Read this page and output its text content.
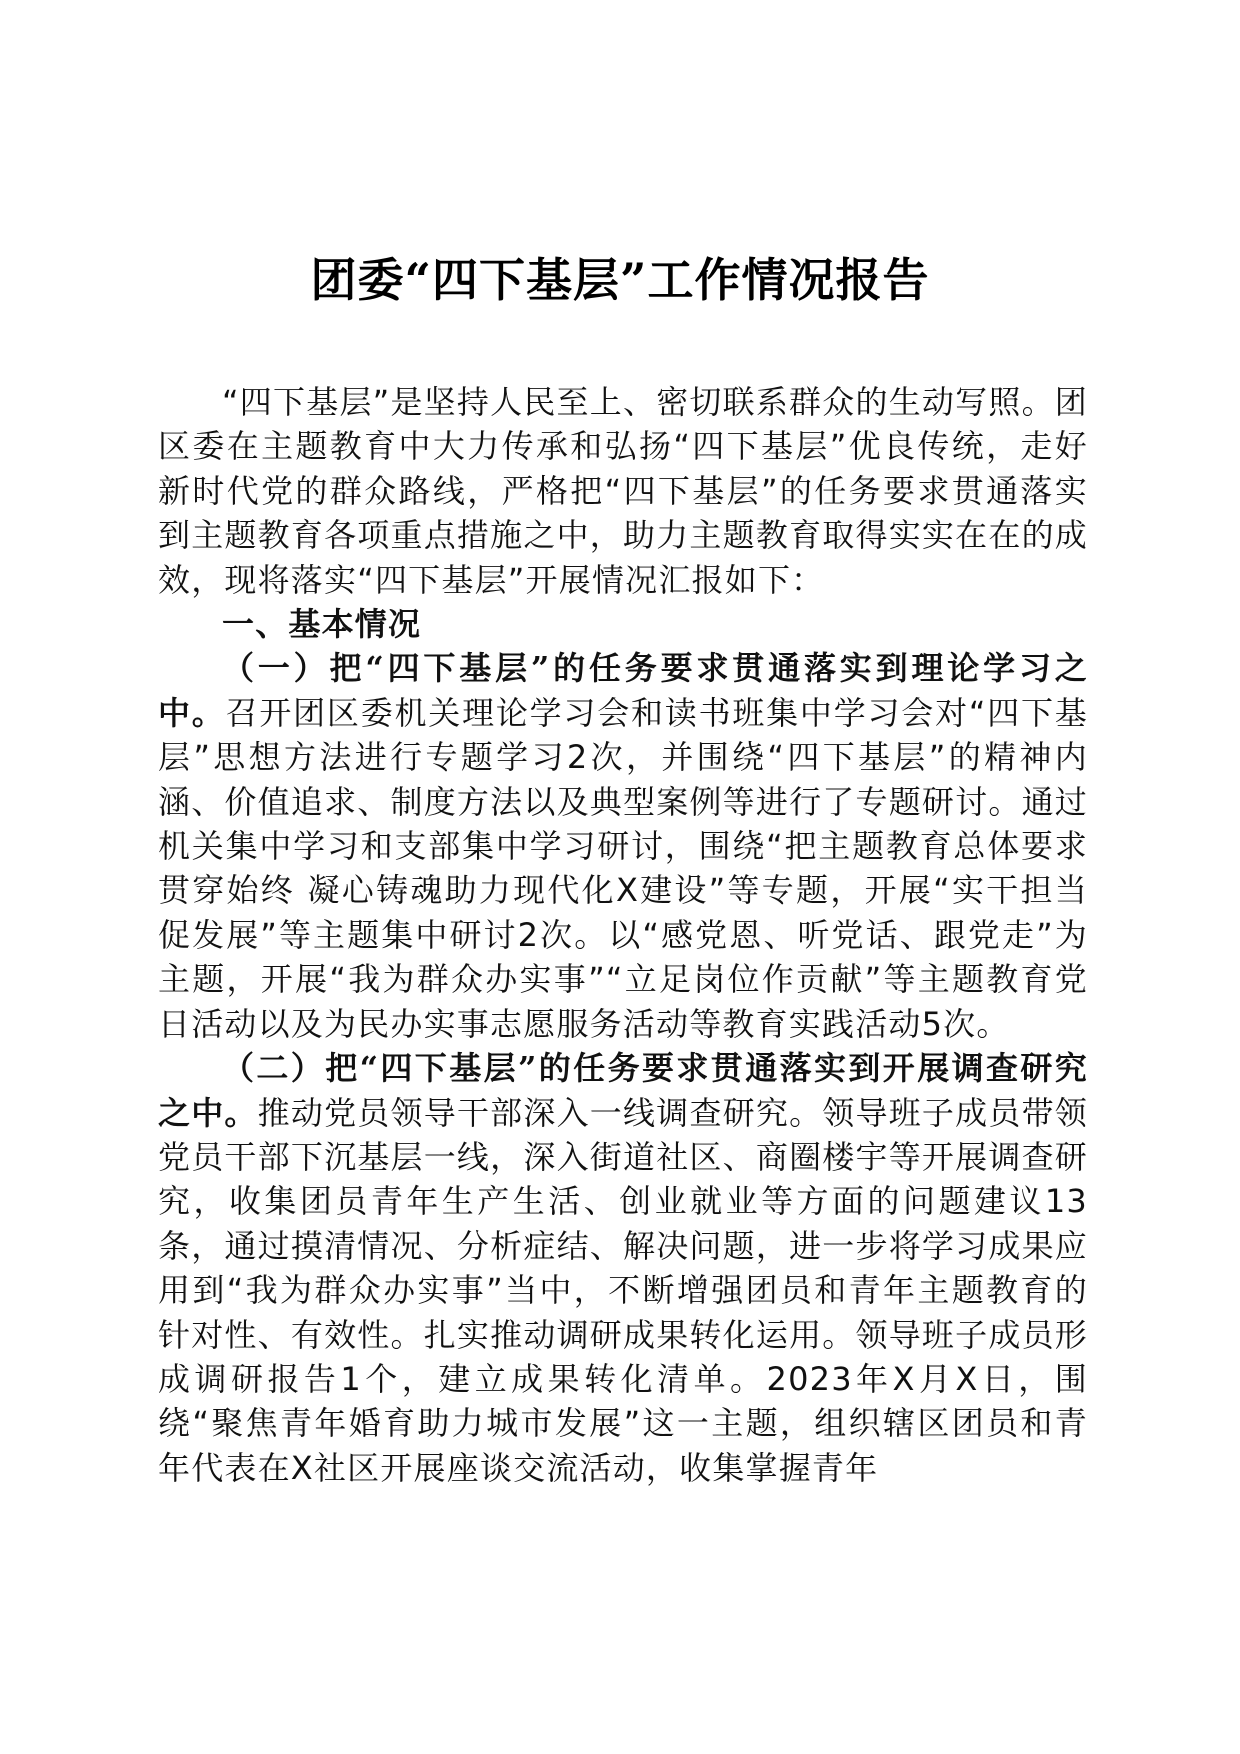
团委“四下基层”工作情况报告

“四下基层”是坚持人民至上、密切联系群众的生动写照。团区委在主题教育中大力传承和弘扬“四下基层”优良传统，走好新时代党的群众路线，严格把“四下基层”的任务要求贯通落实到主题教育各项重点措施之中，助力主题教育取得实实在在的成效，现将落实“四下基层”开展情况汇报如下：

一、基本情况

（一）把“四下基层”的任务要求贯通落实到理论学习之中。召开团区委机关理论学习会和读书班集中学习会对“四下基层”思想方法进行专题学习2次，并围绕“四下基层”的精神内涵、价值追求、制度方法以及典型案例等进行了专题研讨。通过机关集中学习和支部集中学习研讨，围绕“把主题教育总体要求贯穿始终 凝心铸魂助力现代化X建设”等专题，开展“实干担当促发展”等主题集中研讨2次。以“感党恩、听党话、跟党走”为主题，开展“我为群众办实事”“立足岗位作贡献”等主题教育党日活动以及为民办实事志愿服务活动等教育实践活动5次。

（二）把“四下基层”的任务要求贯通落实到开展调查研究之中。推动党员领导干部深入一线调查研究。领导班子成员带领党员干部下沉基层一线，深入街道社区、商圈楼宇等开展调查研究，收集团员青年生产生活、创业就业等方面的问题建议13条，通过摸清情况、分析症结、解决问题，进一步将学习成果应用到“我为群众办实事”当中，不断增强团员和青年主题教育的针对性、有效性。扎实推动调研成果转化运用。领导班子成员形成调研报告1个，建立成果转化清单。2023年X月X日，围绕“聚焦青年婚育助力城市发展”这一主题，组织辖区团员和青年代表在X社区开展座谈交流活动，收集掌握青年
